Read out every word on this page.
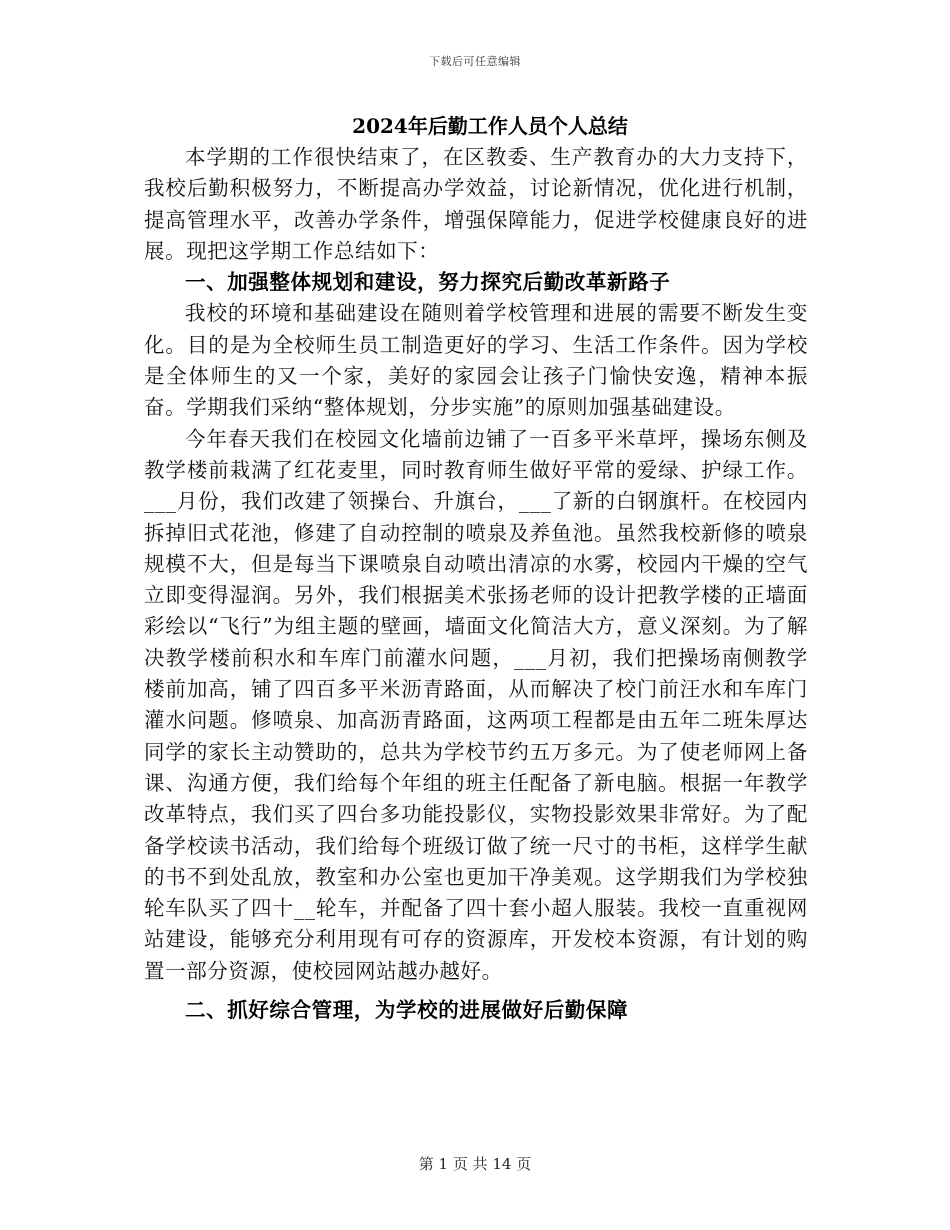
下载后可任意编辑
2024年后勤工作人员个人总结

本学期的工作很快结束了，在区教委、生产教育办的大力支持下，我校后勤积极努力，不断提高办学效益，讨论新情况，优化进行机制，提高管理水平，改善办学条件，增强保障能力，促进学校健康良好的进展。现把这学期工作总结如下：

一、加强整体规划和建设，努力探究后勤改革新路子

我校的环境和基础建设在随则着学校管理和进展的需要不断发生变化。目的是为全校师生员工制造更好的学习、生活工作条件。因为学校是全体师生的又一个家，美好的家园会让孩子门愉快安逸，精神本振奋。学期我们采纳“整体规划，分步实施”的原则加强基础建设。

今年春天我们在校园文化墙前边铺了一百多平米草坪，操场东侧及教学楼前栽满了红花麦里，同时教育师生做好平常的爱绿、护绿工作。___月份，我们改建了领操台、升旗台，___了新的白钢旗杆。在校园内拆掉旧式花池，修建了自动控制的喷泉及养鱼池。虽然我校新修的喷泉规模不大，但是每当下课喷泉自动喷出清凉的水雾，校园内干燥的空气立即变得湿润。另外，我们根据美术张扬老师的设计把教学楼的正墙面彩绘以“飞行”为组主题的壁画，墙面文化简洁大方，意义深刻。为了解决教学楼前积水和车库门前灌水问题，___月初，我们把操场南侧教学楼前加高，铺了四百多平米沥青路面，从而解决了校门前汪水和车库门灌水问题。修喷泉、加高沥青路面，这两项工程都是由五年二班朱厚达同学的家长主动赞助的，总共为学校节约五万多元。为了使老师网上备课、沟通方便，我们给每个年组的班主任配备了新电脑。根据一年教学改革特点，我们买了四台多功能投影仪，实物投影效果非常好。为了配备学校读书活动，我们给每个班级订做了统一尺寸的书柜，这样学生献的书不到处乱放，教室和办公室也更加干净美观。这学期我们为学校独轮车队买了四十__轮车，并配备了四十套小超人服装。我校一直重视网站建设，能够充分利用现有可存的资源库，开发校本资源，有计划的购置一部分资源，使校园网站越办越好。

二、抓好综合管理，为学校的进展做好后勤保障

第 1 页 共 14 页
